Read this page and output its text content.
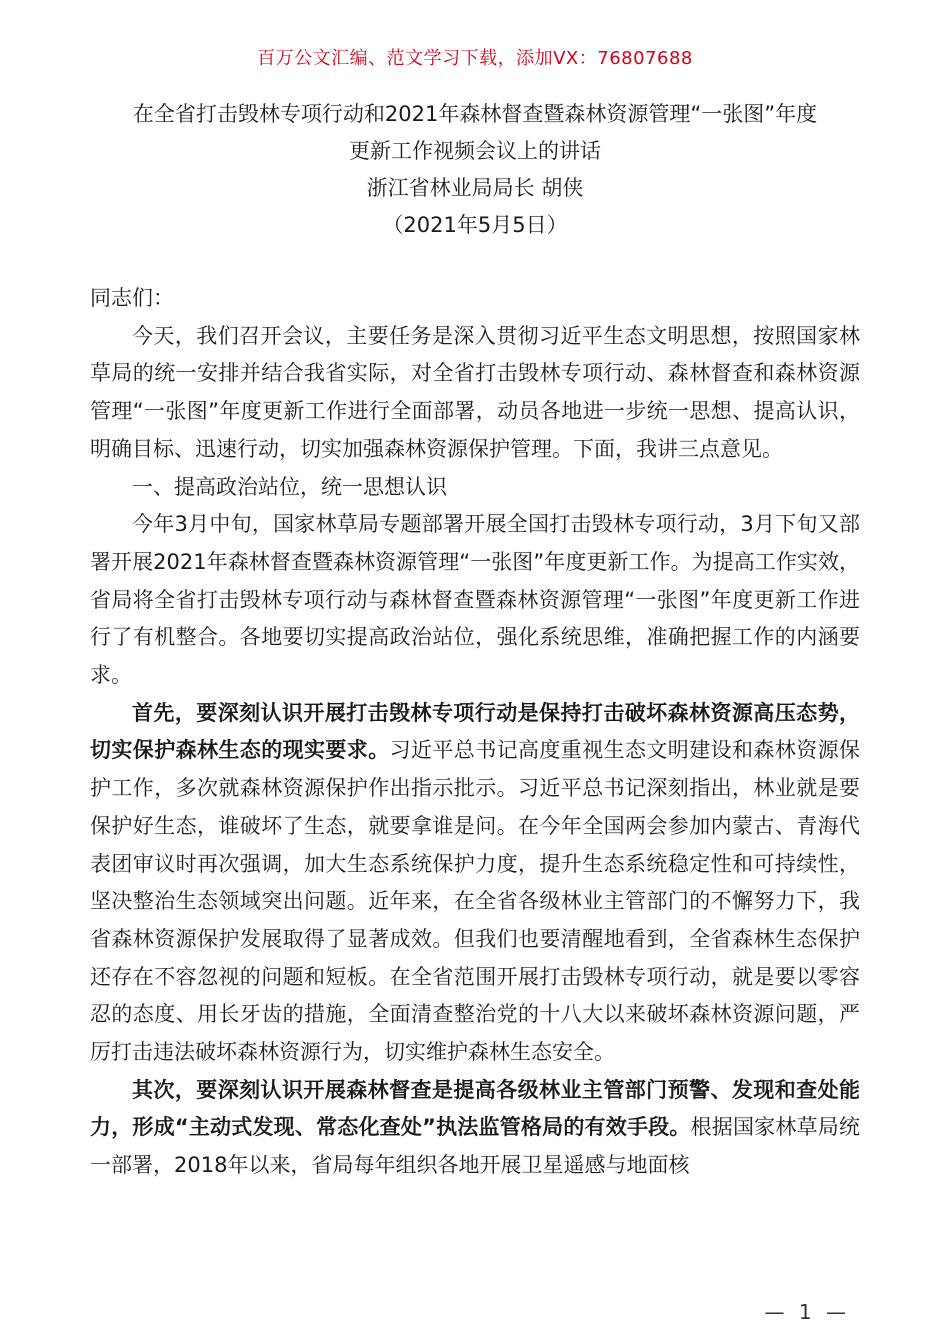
百万公文汇编、范文学习下载，添加VX：76807688
在全省打击毁林专项行动和2021年森林督查暨森林资源管理“一张图”年度
更新工作视频会议上的讲话
浙江省林业局局长 胡侠
（2021年5月5日）

同志们：

今天，我们召开会议，主要任务是深入贯彻习近平生态文明思想，按照国家林草局的统一安排并结合我省实际，对全省打击毁林专项行动、森林督查和森林资源管理“一张图”年度更新工作进行全面部署，动员各地进一步统一思想、提高认识，明确目标、迅速行动，切实加强森林资源保护管理。下面，我讲三点意见。

一、提高政治站位，统一思想认识

今年3月中旬，国家林草局专题部署开展全国打击毁林专项行动，3月下旬又部署开展2021年森林督查暨森林资源管理“一张图”年度更新工作。为提高工作实效，省局将全省打击毁林专项行动与森林督查暨森林资源管理“一张图”年度更新工作进行了有机整合。各地要切实提高政治站位，强化系统思维，准确把握工作的内涵要求。

首先，要深刻认识开展打击毁林专项行动是保持打击破坏森林资源高压态势，切实保护森林生态的现实要求。习近平总书记高度重视生态文明建设和森林资源保护工作，多次就森林资源保护作出指示批示。习近平总书记深刻指出，林业就是要保护好生态，谁破坏了生态，就要拿谁是问。在今年全国两会参加内蒙古、青海代表团审议时再次强调，加大生态系统保护力度，提升生态系统稳定性和可持续性，坚决整治生态领域突出问题。近年来，在全省各级林业主管部门的不懈努力下，我省森林资源保护发展取得了显著成效。但我们也要清醒地看到，全省森林生态保护还存在不容忽视的问题和短板。在全省范围开展打击毁林专项行动，就是要以零容忍的态度、用长牙齿的措施，全面清查整治党的十八大以来破坏森林资源问题，严厉打击违法破坏森林资源行为，切实维护森林生态安全。

其次，要深刻认识开展森林督查是提高各级林业主管部门预警、发现和查处能力，形成“主动式发现、常态化查处”执法监管格局的有效手段。根据国家林草局统一部署，2018年以来，省局每年组织各地开展卫星遥感与地面核

— 1 —
